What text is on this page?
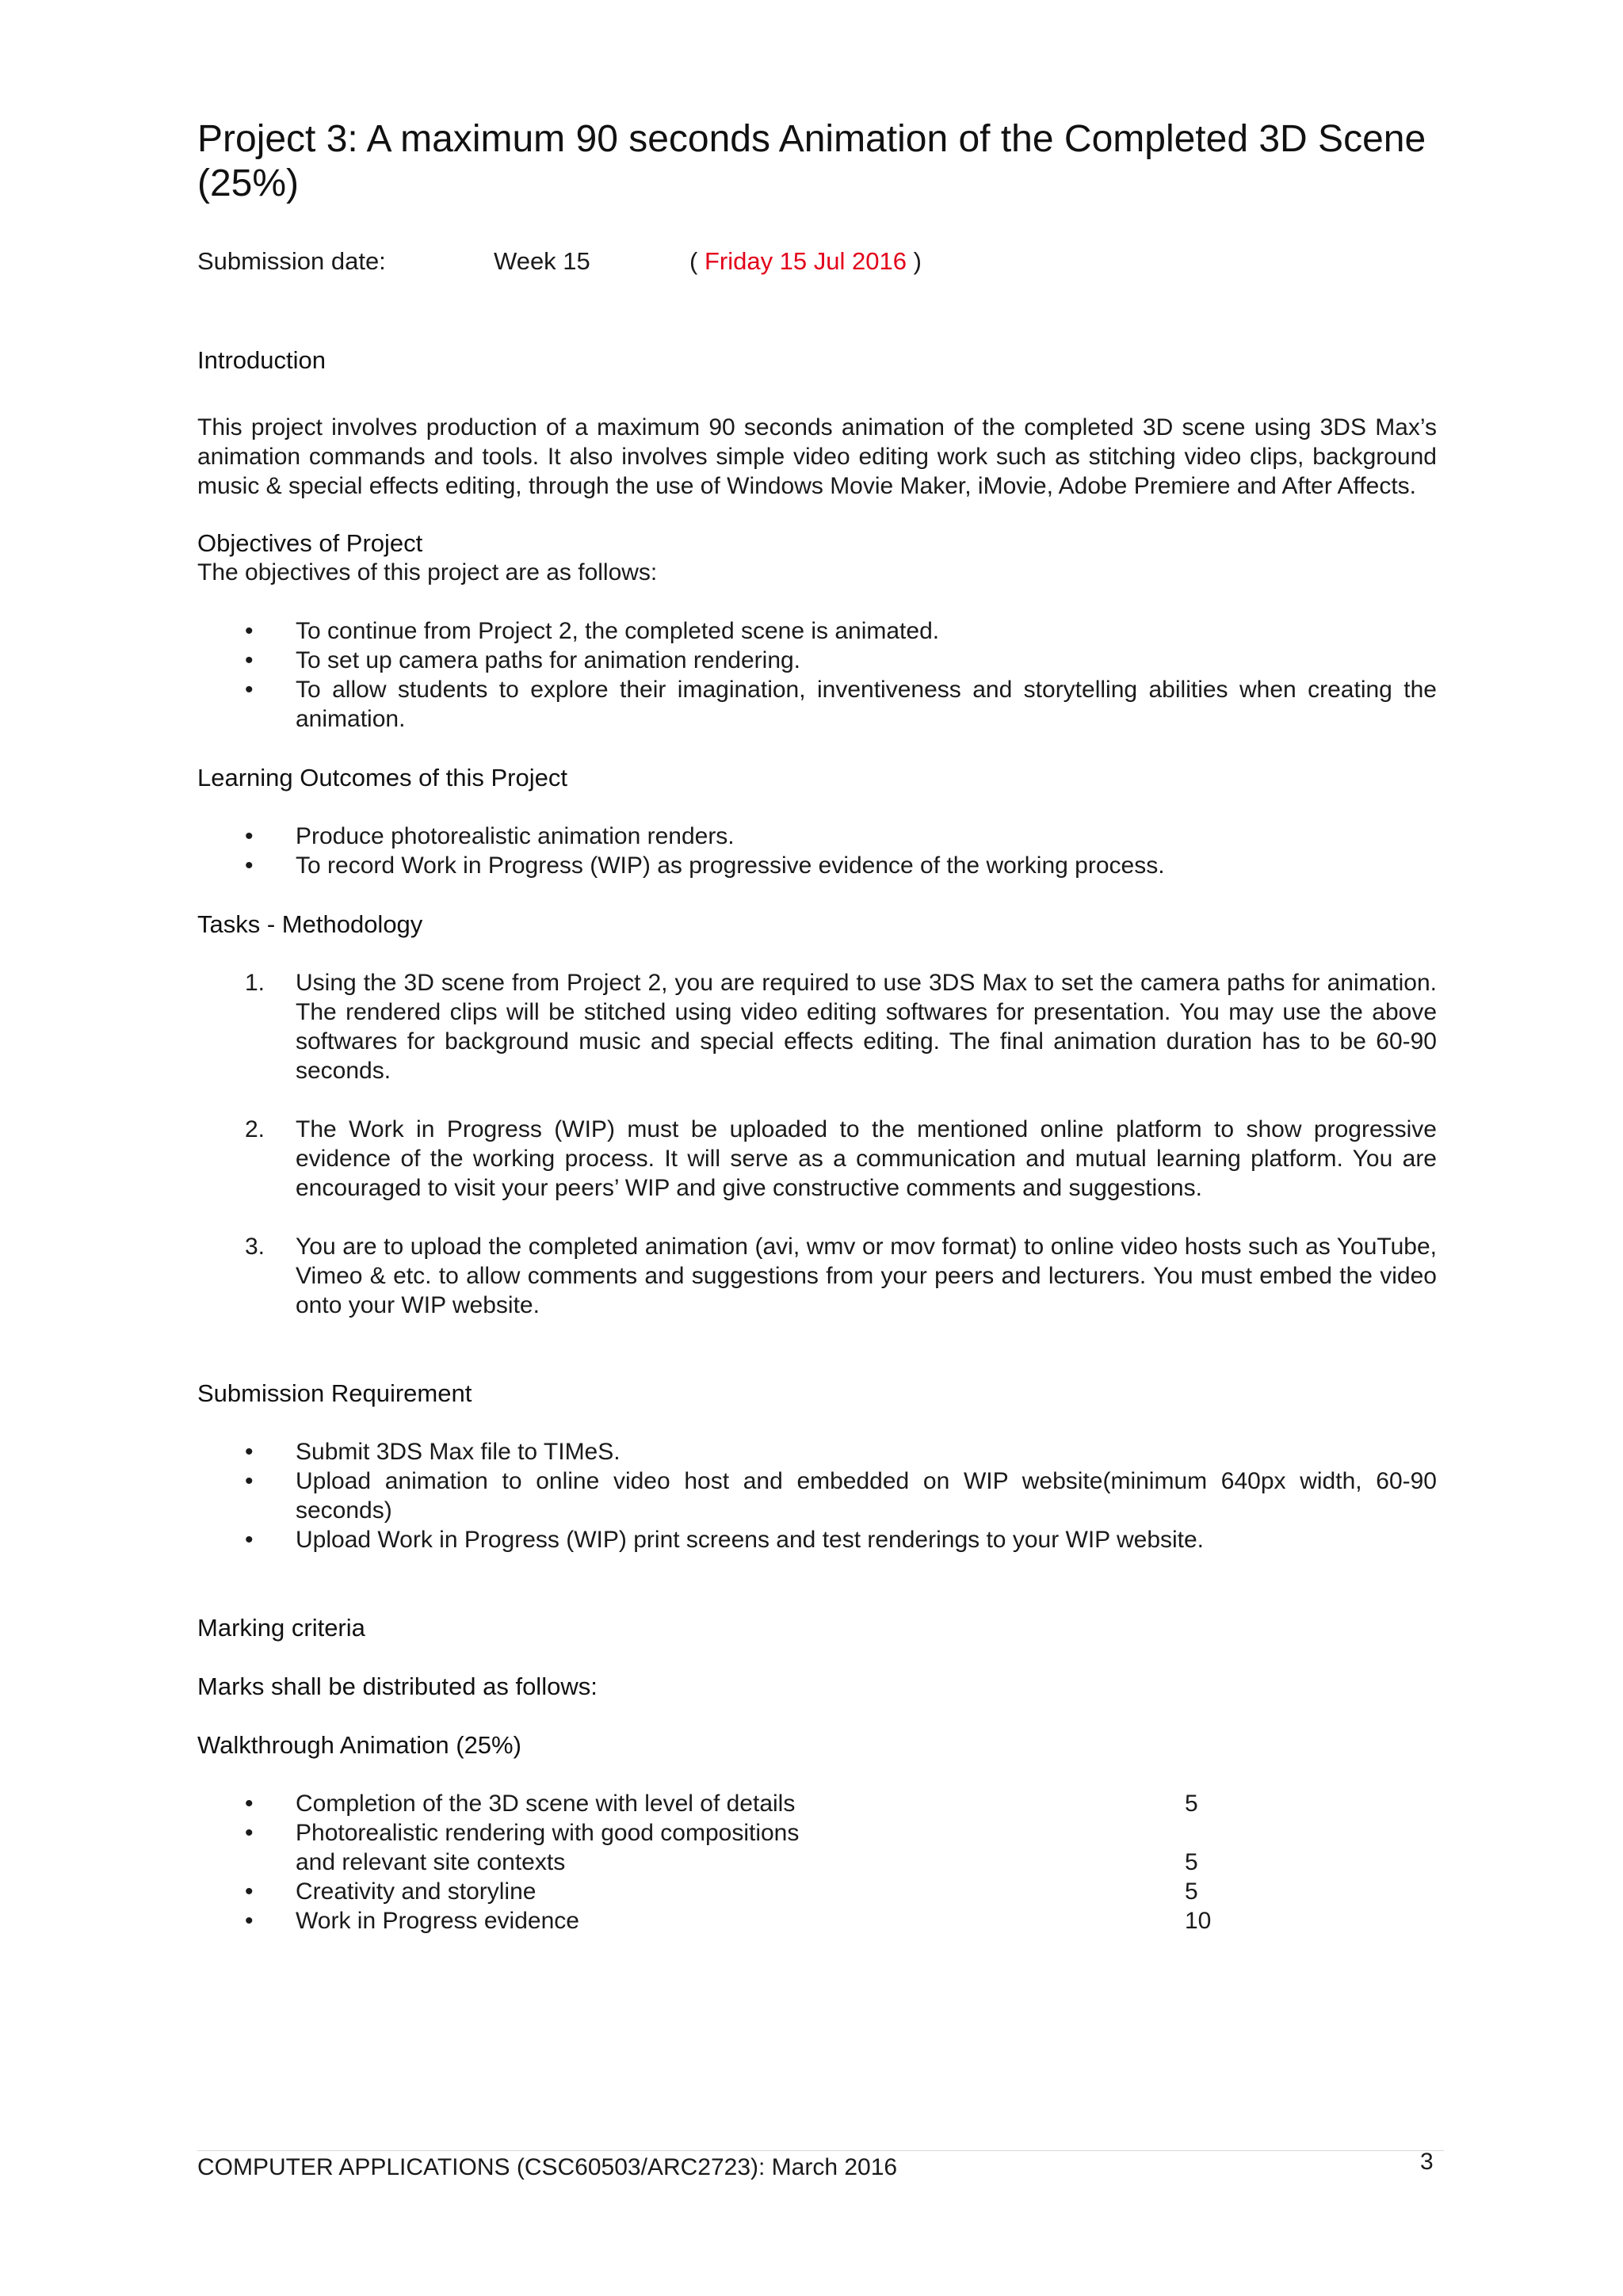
Project 3: A maximum 90 seconds Animation of the Completed 3D Scene (25%)
Submission date:	Week 15	( Friday 15 Jul 2016 )
Introduction

This project involves production of a maximum 90 seconds animation of the completed 3D scene using 3DS Max’s animation commands and tools. It also involves simple video editing work such as stitching video clips, background music & special effects editing, through the use of Windows Movie Maker, iMovie, Adobe Premiere and After Affects.

Objectives of Project
The objectives of this project are as follows:
• To continue from Project 2, the completed scene is animated.
• To set up camera paths for animation rendering.
• To allow students to explore their imagination, inventiveness and storytelling abilities when creating the animation.
Learning Outcomes of this Project
• Produce photorealistic animation renders.
• To record Work in Progress (WIP) as progressive evidence of the working process.
Tasks - Methodology
1. Using the 3D scene from Project 2, you are required to use 3DS Max to set the camera paths for animation. The rendered clips will be stitched using video editing softwares for presentation. You may use the above softwares for background music and special effects editing. The final animation duration has to be 60-90 seconds.
2. The Work in Progress (WIP) must be uploaded to the mentioned online platform to show progressive evidence of the working process. It will serve as a communication and mutual learning platform. You are encouraged to visit your peers’ WIP and give constructive comments and suggestions.
3. You are to upload the completed animation (avi, wmv or mov format) to online video hosts such as YouTube, Vimeo & etc. to allow comments and suggestions from your peers and lecturers. You must embed the video onto your WIP website.
Submission Requirement
• Submit 3DS Max file to TIMeS.
• Upload animation to online video host and embedded on WIP website(minimum 640px width, 60-90 seconds)
• Upload Work in Progress (WIP) print screens and test renderings to your WIP website.
Marking criteria
Marks shall be distributed as follows:
Walkthrough Animation (25%)
• Completion of the 3D scene with level of details	5
• Photorealistic rendering with good compositions
and relevant site contexts	5
• Creativity and storyline	5
• Work in Progress evidence	10
COMPUTER APPLICATIONS (CSC60503/ARC2723): March 2016	3
